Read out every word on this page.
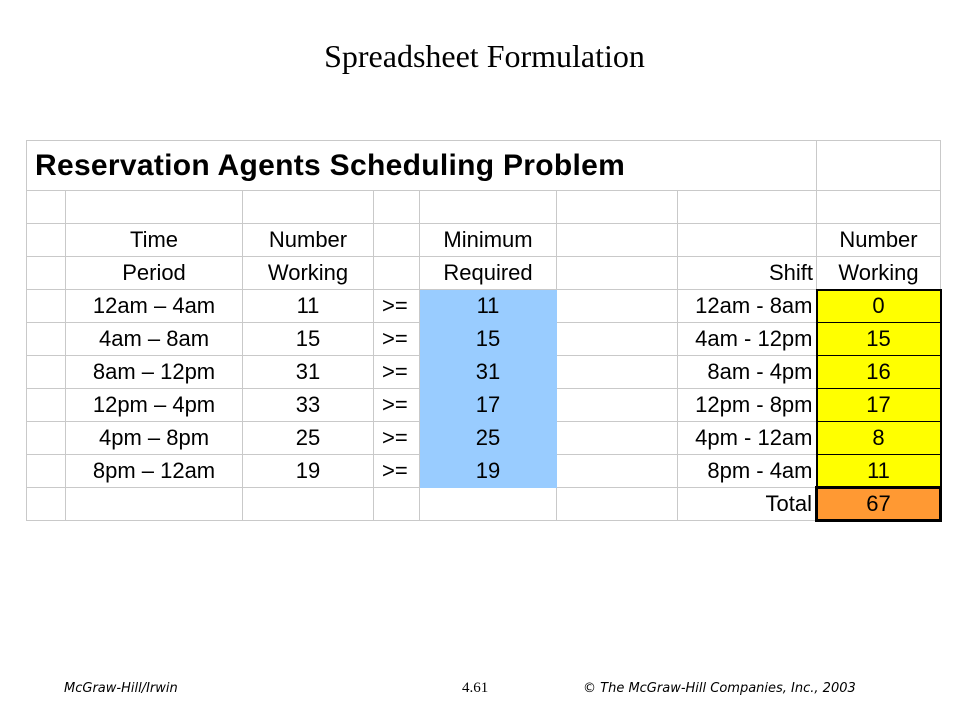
Spreadsheet Formulation
Reservation Agents Scheduling Problem							

	Time	Number		Minimum			Number
	Period	Working		Required		Shift	Working
	12am – 4am	11	>=	11		12am - 8am	0
	4am – 8am	15	>=	15		4am - 12pm	15
	8am – 12pm	31	>=	31		8am - 4pm	16
	12pm – 4pm	33	>=	17		12pm - 8pm	17
	4pm – 8pm	25	>=	25		4pm - 12am	8
	8pm – 12am	19	>=	19		8pm - 4am	11
						Total	67
McGraw-Hill/Irwin	4.61	© The McGraw-Hill Companies, Inc., 2003
